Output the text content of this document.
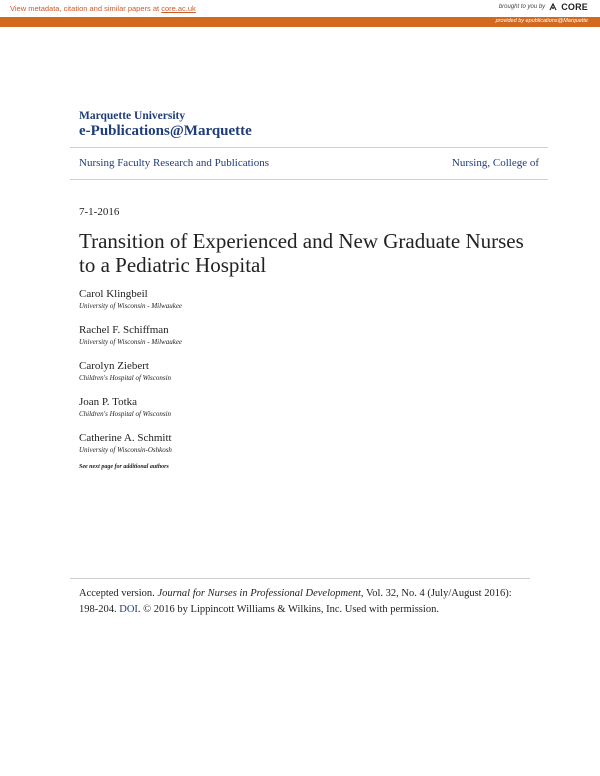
View metadata, citation and similar papers at core.ac.uk	brought to you by CORE
provided by epublications@Marquette
Marquette University
e-Publications@Marquette
Nursing Faculty Research and Publications	Nursing, College of
7-1-2016
Transition of Experienced and New Graduate Nurses to a Pediatric Hospital
Carol Klingbeil
University of Wisconsin - Milwaukee
Rachel F. Schiffman
University of Wisconsin - Milwaukee
Carolyn Ziebert
Children's Hospital of Wisconsin
Joan P. Totka
Children's Hospital of Wisconsin
Catherine A. Schmitt
University of Wisconsin-Oshkosh
See next page for additional authors
Accepted version. Journal for Nurses in Professional Development, Vol. 32, No. 4 (July/August 2016): 198-204. DOI. © 2016 by Lippincott Williams & Wilkins, Inc. Used with permission.
